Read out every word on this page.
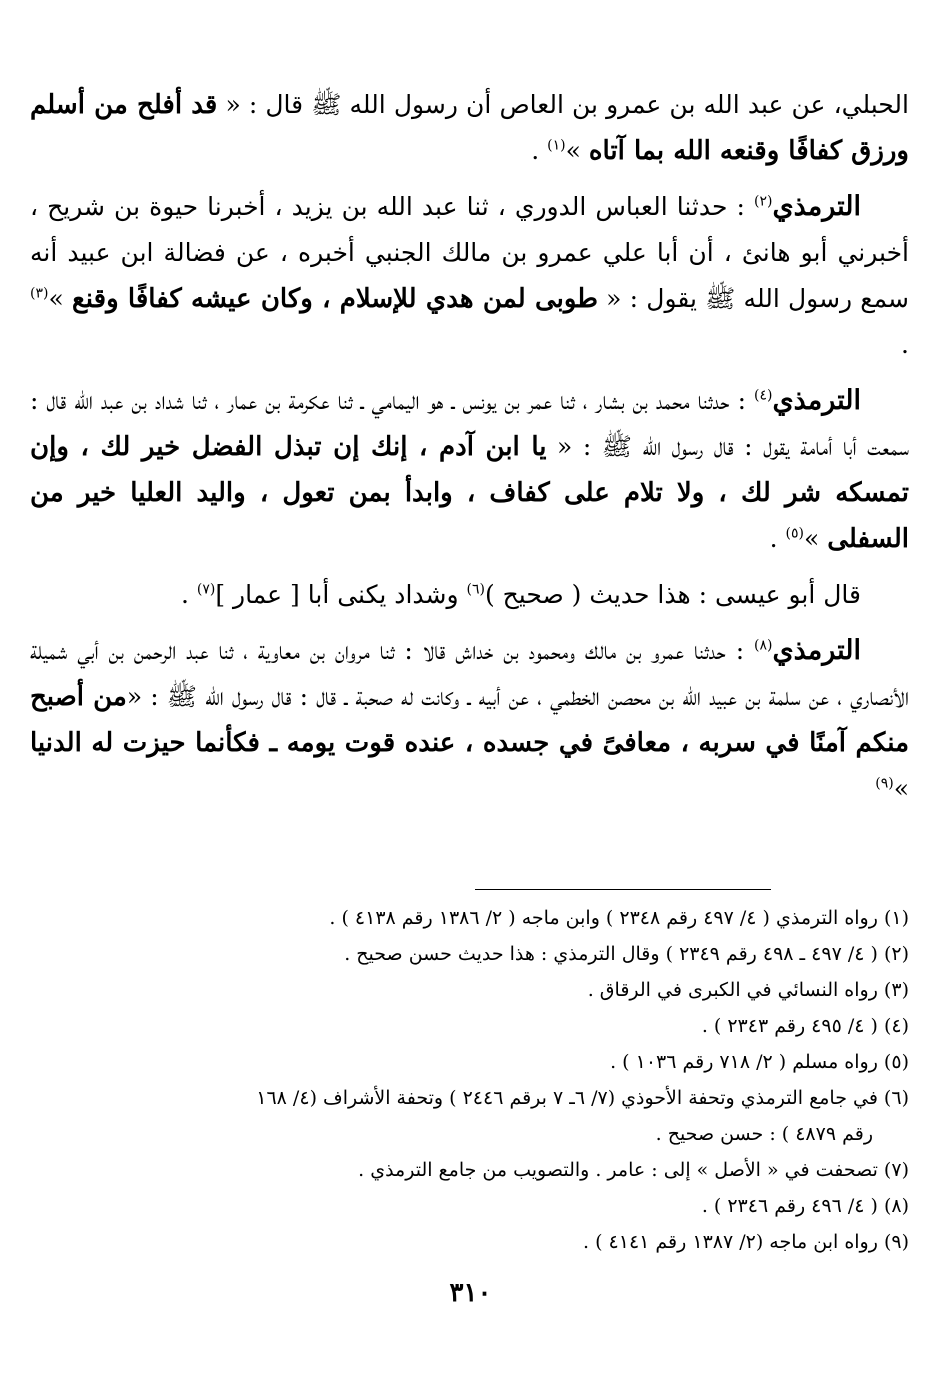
الحبلي، عن عبد الله بن عمرو بن العاص أن رسول الله ﷺ قال : « قد أفلح من أسلم ورزق كفافًا وقنعه الله بما آتاه »$^{(١)}$ .

الترمذي$^{(٢)}$ : حدثنا العباس الدوري ، ثنا عبد الله بن يزيد ، أخبرنا حيوة بن شريح ، أخبرني أبو هانئ ، أن أبا علي عمرو بن مالك الجنبي أخبره ، عن فضالة ابن عبيد أنه سمع رسول الله ﷺ يقول : « طوبى لمن هدي للإسلام ، وكان عيشه كفافًا وقنع »$^{(٣)}$ .

الترمذي$^{(٤)}$ : حدثنا محمد بن بشار ، ثنا عمر بن يونس ـ هو اليمامي ـ ثنا عكرمة بن عمار ، ثنا شداد بن عبد الله قال : سمعت أبا أمامة يقول : قال رسول الله ﷺ : « يا ابن آدم ، إنك إن تبذل الفضل خير لك ، وإن تمسكه شر لك ، ولا تلام على كفاف ، وابدأ بمن تعول ، واليد العليا خير من السفلى »$^{(٥)}$ .

قال أبو عيسى : هذا حديث ( صحيح )$^{(٦)}$ وشداد يكنى أبا [ عمار ]$^{(٧)}$ .

الترمذي$^{(٨)}$ : حدثنا عمرو بن مالك ومحمود بن خداش قالا : ثنا مروان بن معاوية ، ثنا عبد الرحمن بن أبي شميلة الأنصاري ، عن سلمة بن عبيد الله بن محصن الخطمي ، عن أبيه ـ وكانت له صحبة ـ قال : قال رسول الله ﷺ : «من أصبح منكم آمنًا في سربه ، معافىً في جسده ، عنده قوت يومه ـ فكأنما حيزت له الدنيا »$^{(٩)}$

(١) رواه الترمذي ( ٤/ ٤٩٧ رقم ٢٣٤٨ ) وابن ماجه ( ٢/ ١٣٨٦ رقم ٤١٣٨ ) .

(٢) ( ٤/ ٤٩٧ ـ ٤٩٨ رقم ٢٣٤٩ ) وقال الترمذي : هذا حديث حسن صحيح .

(٣) رواه النسائي في الكبرى في الرقاق .

(٤) ( ٤/ ٤٩٥ رقم ٢٣٤٣ ) .

(٥) رواه مسلم ( ٢/ ٧١٨ رقم ١٠٣٦ ) .

(٦) في جامع الترمذي وتحفة الأحوذي (٧/ ٦ـ ٧ برقم ٢٤٤٦ ) وتحفة الأشراف (٤/ ١٦٨

رقم ٤٨٧٩ ) : حسن صحيح .

(٧) تصحفت في « الأصل » إلى : عامر . والتصويب من جامع الترمذي .

(٨) ( ٤/ ٤٩٦ رقم ٢٣٤٦ ) .

(٩) رواه ابن ماجه (٢/ ١٣٨٧ رقم ٤١٤١ ) .

٣١٠
